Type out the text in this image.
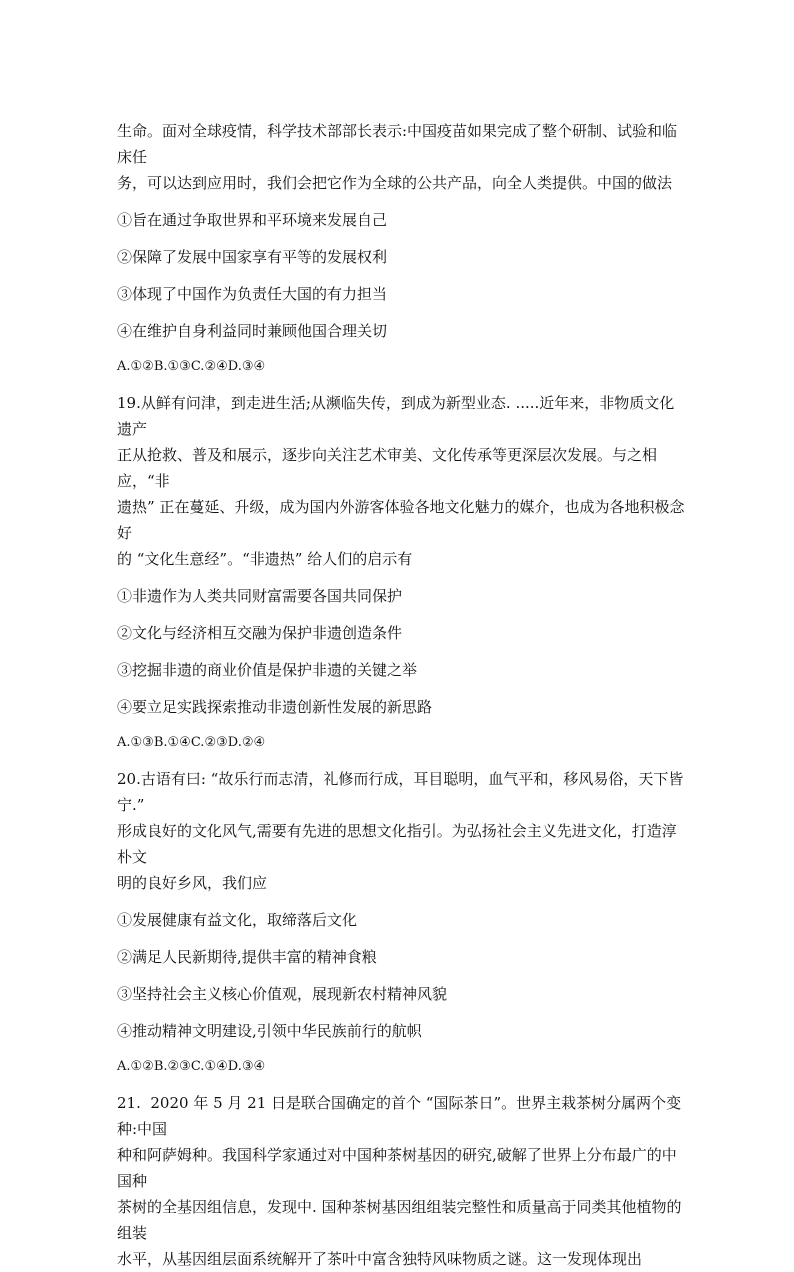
生命。面对全球疫情，科学技术部部长表示:中国疫苗如果完成了整个研制、试验和临床任

务，可以达到应用时，我们会把它作为全球的公共产品，向全人类提供。中国的做法

①旨在通过争取世界和平环境来发展自己

②保障了发展中国家享有平等的发展权利

③体现了中国作为负责任大国的有力担当

④在维护自身利益同时兼顾他国合理关切

A.①②B.①③C.②④D.③④

19.从鲜有问津，到走进生活;从濒临失传，到成为新型业态. .....近年来，非物质文化遗产

正从抢救、普及和展示，逐步向关注艺术审美、文化传承等更深层次发展。与之相应，“非

遗热” 正在蔓延、升级，成为国内外游客体验各地文化魅力的媒介，也成为各地积极念好

的 “文化生意经”。“非遗热” 给人们的启示有

①非遗作为人类共同财富需要各国共同保护

②文化与经济相互交融为保护非遗创造条件

③挖掘非遗的商业价值是保护非遗的关键之举

④要立足实践探索推动非遗创新性发展的新思路

A.①③B.①④C.②③D.②④

20.古语有曰: “故乐行而志清，礼修而行成，耳目聪明，血气平和，移风易俗，天下皆宁.”

形成良好的文化风气,需要有先进的思想文化指引。为弘扬社会主义先进文化，打造淳朴文

明的良好乡风，我们应

①发展健康有益文化，取缔落后文化

②满足人民新期待,提供丰富的精神食粮

③坚持社会主义核心价值观，展现新农村精神风貌

④推动精神文明建设,引领中华民族前行的航帜

A.①②B.②③C.①④D.③④

21.  2020 年 5 月 21 日是联合国确定的首个 “国际茶日”。世界主栽茶树分属两个变种:中国

种和阿萨姆种。我国科学家通过对中国种茶树基因的研究,破解了世界上分布最广的中国种

茶树的全基因组信息，发现中. 国种茶树基因组组装完整性和质量高于同类其他植物的组装

水平，从基因组层面系统解开了茶叶中富含独特风味物质之谜。这一发现体现出
